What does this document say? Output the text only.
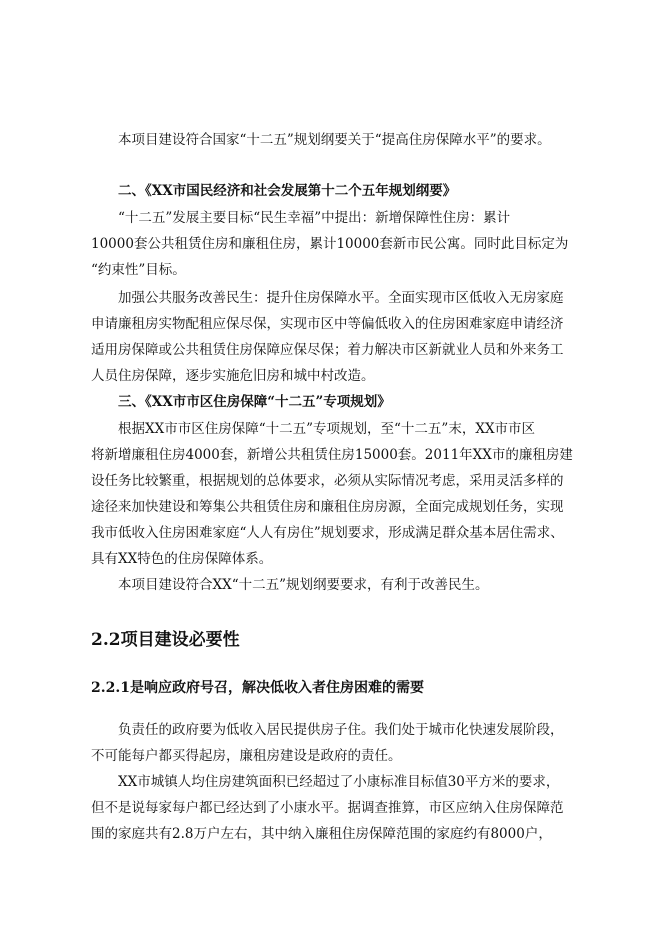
本项目建设符合国家“十二五”规划纲要关于“提高住房保障水平”的要求。
二、《XX市国民经济和社会发展第十二个五年规划纲要》
“十二五”发展主要目标“民生幸福”中提出：新增保障性住房：累计
10000套公共租赁住房和廉租住房，累计10000套新市民公寓。同时此目标定为
“约束性”目标。
加强公共服务改善民生：提升住房保障水平。全面实现市区低收入无房家庭
申请廉租房实物配租应保尽保，实现市区中等偏低收入的住房困难家庭申请经济
适用房保障或公共租赁住房保障应保尽保；着力解决市区新就业人员和外来务工
人员住房保障，逐步实施危旧房和城中村改造。
三、《XX市市区住房保障“十二五”专项规划》
根据XX市市区住房保障“十二五”专项规划，至“十二五”末，XX市市区
将新增廉租住房4000套，新增公共租赁住房15000套。2011年XX市的廉租房建
设任务比较繁重，根据规划的总体要求，必须从实际情况考虑，采用灵活多样的
途径来加快建设和筹集公共租赁住房和廉租住房房源，全面完成规划任务，实现
我市低收入住房困难家庭“人人有房住”规划要求，形成满足群众基本居住需求、
具有XX特色的住房保障体系。
本项目建设符合XX“十二五”规划纲要要求，有利于改善民生。
2.2项目建设必要性
2.2.1是响应政府号召，解决低收入者住房困难的需要
负责任的政府要为低收入居民提供房子住。我们处于城市化快速发展阶段，
不可能每户都买得起房，廉租房建设是政府的责任。
XX市城镇人均住房建筑面积已经超过了小康标准目标值30平方米的要求，
但不是说每家每户都已经达到了小康水平。据调查推算，市区应纳入住房保障范
围的家庭共有2.8万户左右，其中纳入廉租住房保障范围的家庭约有8000户，
